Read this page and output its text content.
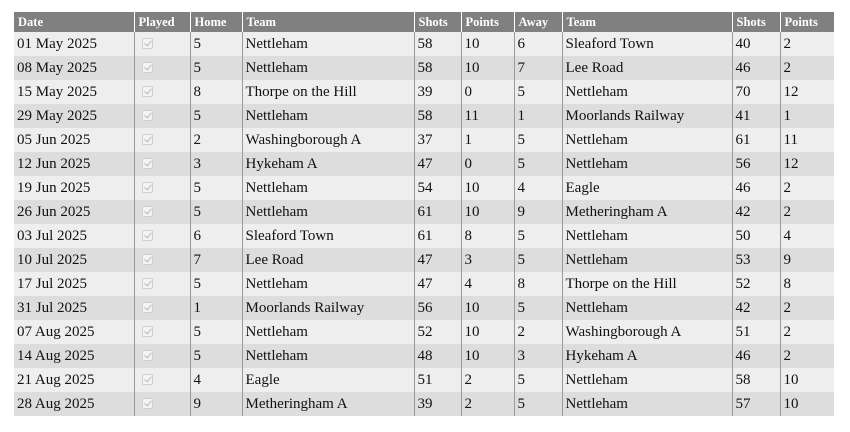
Date	Played	Home	Team	Shots	Points	Away	Team	Shots	Points
01 May 2025		5	Nettleham	58	10	6	Sleaford Town	40	2
08 May 2025		5	Nettleham	58	10	7	Lee Road	46	2
15 May 2025		8	Thorpe on the Hill	39	0	5	Nettleham	70	12
29 May 2025		5	Nettleham	58	11	1	Moorlands Railway	41	1
05 Jun 2025		2	Washingborough A	37	1	5	Nettleham	61	11
12 Jun 2025		3	Hykeham A	47	0	5	Nettleham	56	12
19 Jun 2025		5	Nettleham	54	10	4	Eagle	46	2
26 Jun 2025		5	Nettleham	61	10	9	Metheringham A	42	2
03 Jul 2025		6	Sleaford Town	61	8	5	Nettleham	50	4
10 Jul 2025		7	Lee Road	47	3	5	Nettleham	53	9
17 Jul 2025		5	Nettleham	47	4	8	Thorpe on the Hill	52	8
31 Jul 2025		1	Moorlands Railway	56	10	5	Nettleham	42	2
07 Aug 2025		5	Nettleham	52	10	2	Washingborough A	51	2
14 Aug 2025		5	Nettleham	48	10	3	Hykeham A	46	2
21 Aug 2025		4	Eagle	51	2	5	Nettleham	58	10
28 Aug 2025		9	Metheringham A	39	2	5	Nettleham	57	10
